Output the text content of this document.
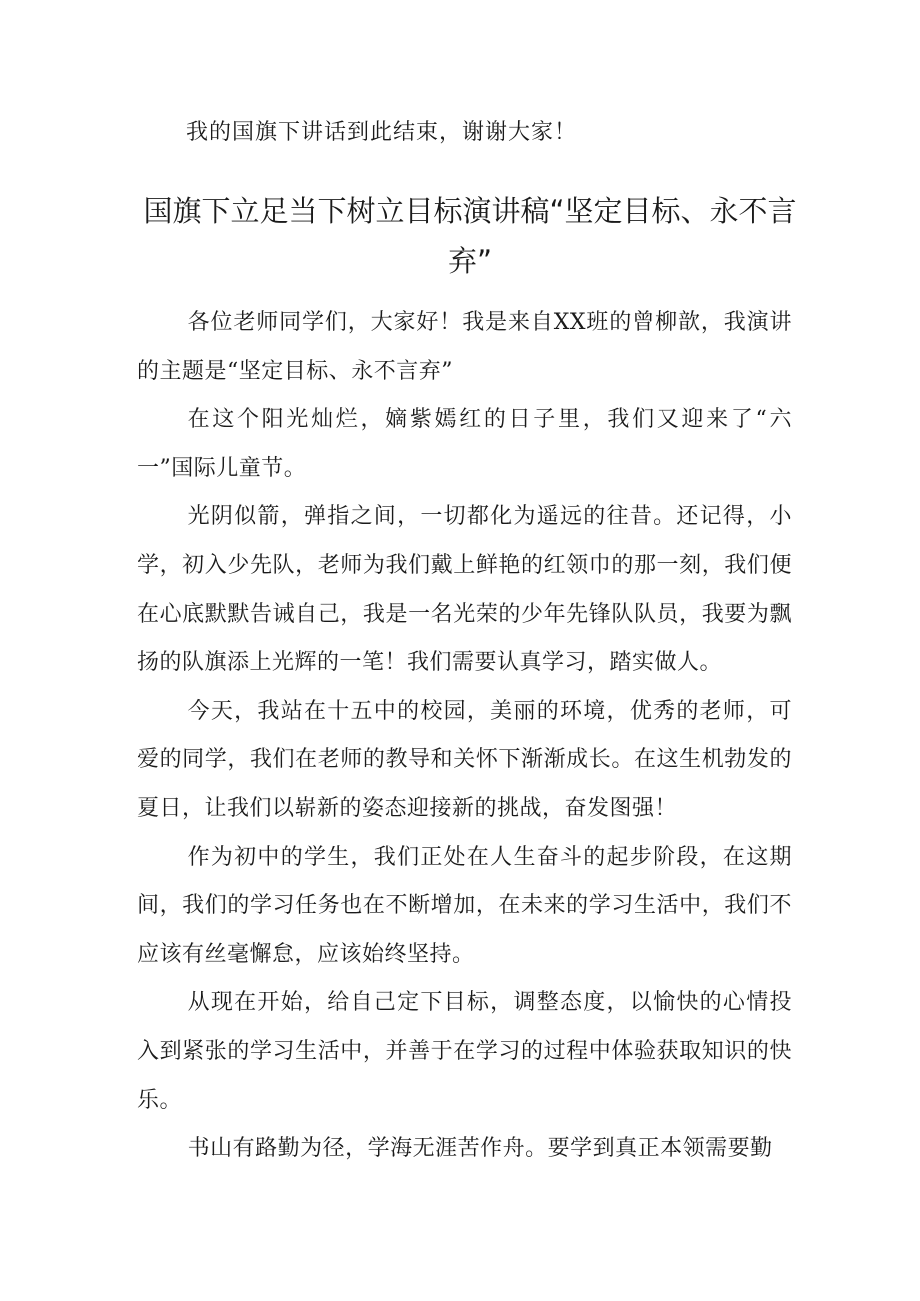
我的国旗下讲话到此结束，谢谢大家！
国旗下立足当下树立目标演讲稿“坚定目标、永不言
弃”

各位老师同学们，大家好！我是来自XX班的曾柳歆，我演讲的主题是“坚定目标、永不言弃”

在这个阳光灿烂，嫡紫嫣红的日子里，我们又迎来了“六一”国际儿童节。

光阴似箭，弹指之间，一切都化为遥远的往昔。还记得，小学，初入少先队，老师为我们戴上鲜艳的红领巾的那一刻，我们便在心底默默告诫自己，我是一名光荣的少年先锋队队员，我要为飘扬的队旗添上光辉的一笔！我们需要认真学习，踏实做人。

今天，我站在十五中的校园，美丽的环境，优秀的老师，可爱的同学，我们在老师的教导和关怀下渐渐成长。在这生机勃发的夏日，让我们以崭新的姿态迎接新的挑战，奋发图强！

作为初中的学生，我们正处在人生奋斗的起步阶段，在这期间，我们的学习任务也在不断增加，在未来的学习生活中，我们不应该有丝毫懈怠，应该始终坚持。

从现在开始，给自己定下目标，调整态度，以愉快的心情投入到紧张的学习生活中，并善于在学习的过程中体验获取知识的快乐。

书山有路勤为径，学海无涯苦作舟。要学到真正本领需要勤
